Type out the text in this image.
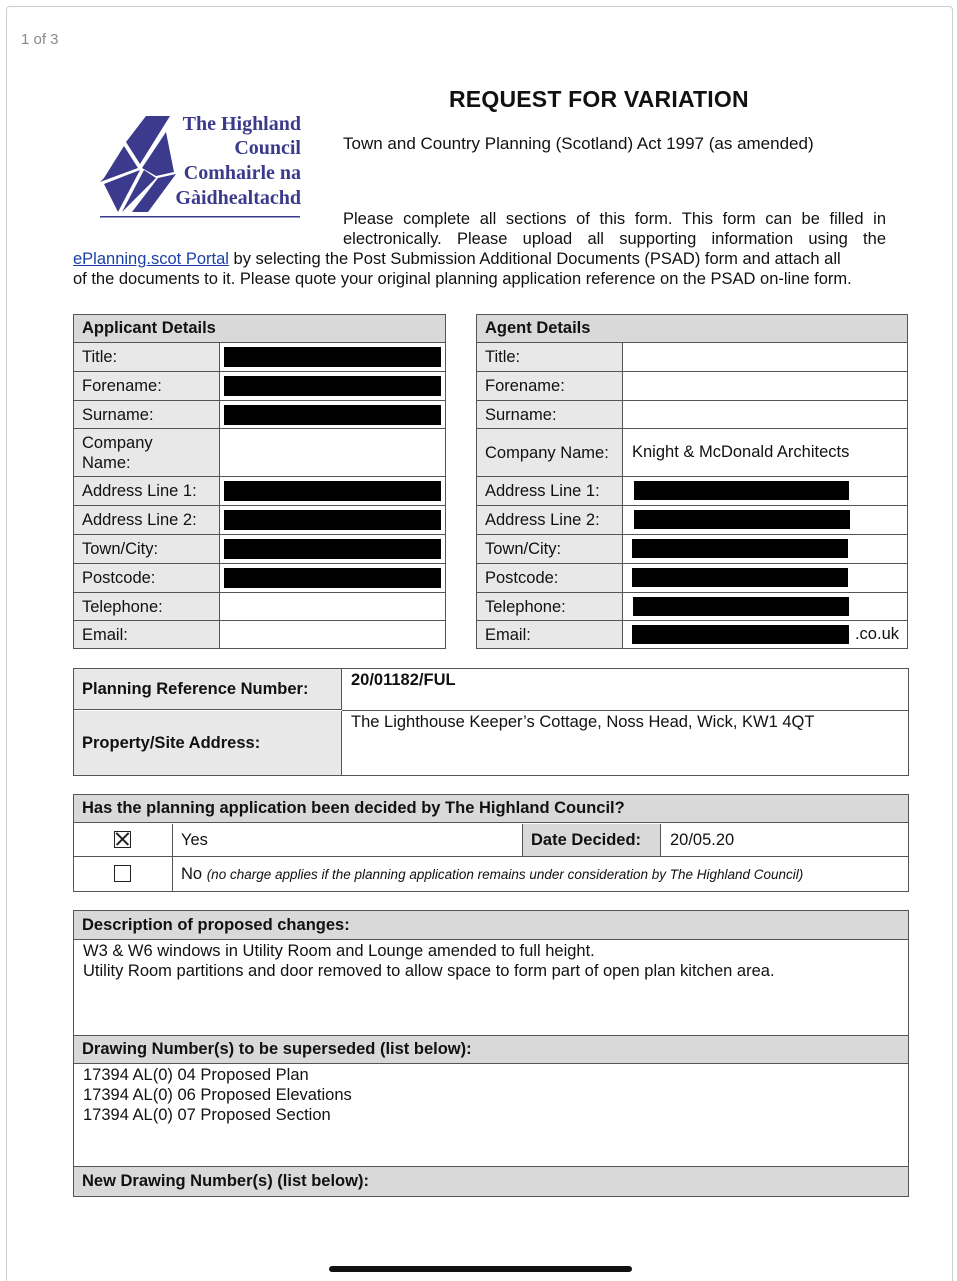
1 of 3
The Highland
Council
Comhairle na
Gàidhealtachd
REQUEST FOR VARIATION
Town and Country Planning (Scotland) Act 1997 (as amended)
Please complete all sections of this form. This form can be filled in
electronically. Please upload all supporting information using the
ePlanning.scot Portal by selecting the Post Submission Additional Documents (PSAD) form and attach all
of the documents to it. Please quote your original planning application reference on the PSAD on-line form.
Applicant Details
Title:
Forename:
Surname:
Company
Name:
Address Line 1:
Address Line 2:
Town/City:
Postcode:
Telephone:
Email:
Agent Details
Title:
Forename:
Surname:
Company Name:	Knight & McDonald Architects
Address Line 1:
Address Line 2:
Town/City:
Postcode:
Telephone:
Email:	.co.uk
Planning Reference Number:	20/01182/FUL
Property/Site Address:
The Lighthouse Keeper’s Cottage, Noss Head, Wick, KW1 4QT
Has the planning application been decided by The Highland Council?
Yes	Date Decided:	20/05.20
No (no charge applies if the planning application remains under consideration by The Highland Council)
Description of proposed changes:
W3 & W6 windows in Utility Room and Lounge amended to full height.
Utility Room partitions and door removed to allow space to form part of open plan kitchen area.
Drawing Number(s) to be superseded (list below):
17394 AL(0) 04 Proposed Plan
17394 AL(0) 06 Proposed Elevations
17394 AL(0) 07 Proposed Section
New Drawing Number(s) (list below):
